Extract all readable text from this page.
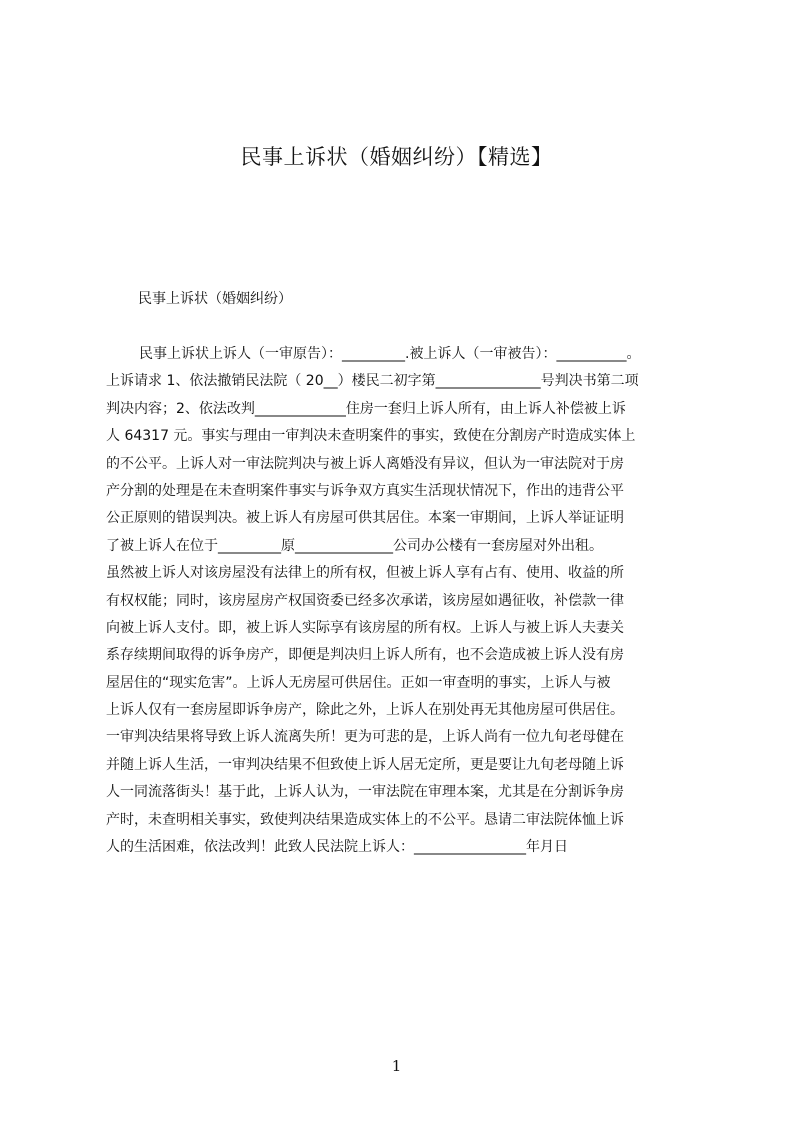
民事上诉状（婚姻纠纷）【精选】

民事上诉状（婚姻纠纷）

民事上诉状上诉人（一审原告）：_________.被上诉人（一审被告）：__________。
上诉请求 1、依法撤销民法院（ 20__）楼民二初字第_______________号判决书第二项
判决内容；2、依法改判_____________住房一套归上诉人所有，由上诉人补偿被上诉
人 64317 元。事实与理由一审判决未查明案件的事实，致使在分割房产时造成实体上
的不公平。上诉人对一审法院判决与被上诉人离婚没有异议，但认为一审法院对于房
产分割的处理是在未查明案件事实与诉争双方真实生活现状情况下，作出的违背公平
公正原则的错误判决。被上诉人有房屋可供其居住。本案一审期间，上诉人举证证明
了被上诉人在位于_________原______________公司办公楼有一套房屋对外出租。
虽然被上诉人对该房屋没有法律上的所有权，但被上诉人享有占有、使用、收益的所
有权权能；同时，该房屋房产权国资委已经多次承诺，该房屋如遇征收，补偿款一律
向被上诉人支付。即，被上诉人实际享有该房屋的所有权。上诉人与被上诉人夫妻关
系存续期间取得的诉争房产，即便是判决归上诉人所有，也不会造成被上诉人没有房
屋居住的“现实危害”。上诉人无房屋可供居住。正如一审查明的事实，上诉人与被
上诉人仅有一套房屋即诉争房产，除此之外，上诉人在别处再无其他房屋可供居住。
一审判决结果将导致上诉人流离失所！更为可悲的是，上诉人尚有一位九旬老母健在
并随上诉人生活，一审判决结果不但致使上诉人居无定所，更是要让九旬老母随上诉
人一同流落街头！基于此，上诉人认为，一审法院在审理本案，尤其是在分割诉争房
产时，未查明相关事实，致使判决结果造成实体上的不公平。恳请二审法院体恤上诉
人的生活困难，依法改判！此致人民法院上诉人：________________年月日
1
